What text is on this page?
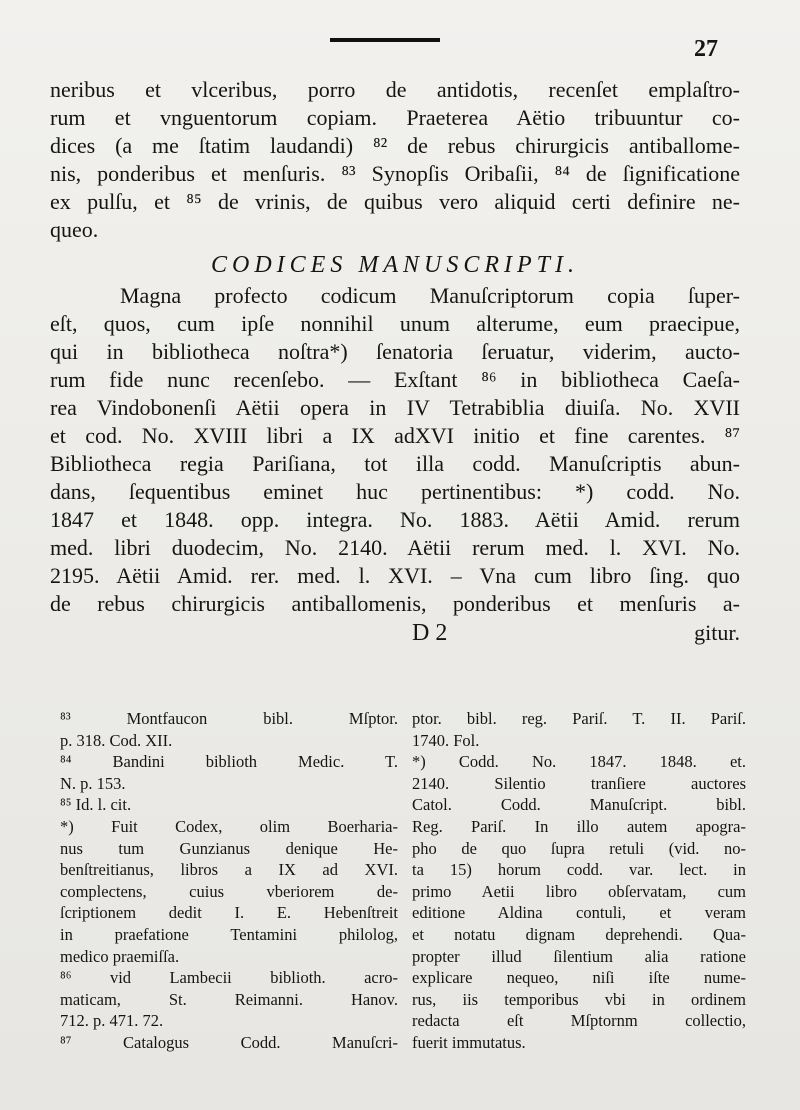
27
neribus et vlceribus, porro de antidotis, recenſet emplaſtro-
rum et vnguentorum copiam. Praeterea Aëtio tribuuntur co-
dices (a me ſtatim laudandi) ⁸² de rebus chirurgicis antiballome-
nis, ponderibus et menſuris. ⁸³ Synopſis Oribaſii, ⁸⁴ de ſignificatione
ex pulſu, et ⁸⁵ de vrinis, de quibus vero aliquid certi definire ne-
queo.
CODICES MANUSCRIPTI.
Magna profecto codicum Manuſcriptorum copia ſuper-
eſt, quos, cum ipſe nonnihil unum alterume, eum praecipue,
qui in bibliotheca noſtra*) ſenatoria ſeruatur, viderim, aucto-
rum fide nunc recenſebo. — Exſtant ⁸⁶ in bibliotheca Caeſa-
rea Vindobonenſi Aëtii opera in IV Tetrabiblia diuiſa. No. XVII
et cod. No. XVIII libri a IX adXVI initio et fine carentes. ⁸⁷
Bibliotheca regia Pariſiana, tot illa codd. Manuſcriptis abun-
dans, ſequentibus eminet huc pertinentibus: *) codd. No.
1847 et 1848. opp. integra. No. 1883. Aëtii Amid. rerum
med. libri duodecim, No. 2140. Aëtii rerum med. l. XVI. No.
2195. Aëtii Amid. rer. med. l. XVI. – Vna cum libro ſing. quo
de rebus chirurgicis antiballomenis, ponderibus et menſuris a-
D 2	gitur.
⁸³ Montfaucon bibl. Mſptor.
p. 318. Cod. XII.
⁸⁴ Bandini biblioth Medic. T.
N. p. 153.
⁸⁵ Id. l. cit.
*) Fuit Codex, olim Boerharia-
nus tum Gunzianus denique He-
benſtreitianus, libros a IX ad XVI.
complectens, cuius vberiorem de-
ſcriptionem dedit I. E. Hebenſtreit
in praefatione Tentamini philolog,
medico praemiſſa.
⁸⁶ vid Lambecii biblioth. acro-
maticam, St. Reimanni. Hanov.
712. p. 471. 72.
⁸⁷ Catalogus Codd. Manuſcri-
ptor. bibl. reg. Pariſ. T. II. Pariſ.
1740. Fol.
*) Codd. No. 1847. 1848. et.
2140. Silentio tranſiere auctores
Catol. Codd. Manuſcript. bibl.
Reg. Pariſ. In illo autem apogra-
pho de quo ſupra retuli (vid. no-
ta 15) horum codd. var. lect. in
primo Aetii libro obſervatam, cum
editione Aldina contuli, et veram
et notatu dignam deprehendi. Qua-
propter illud ſilentium alia ratione
explicare nequeo, niſi iſte nume-
rus, iis temporibus vbi in ordinem
redacta eſt Mſptornm collectio,
fuerit immutatus.
